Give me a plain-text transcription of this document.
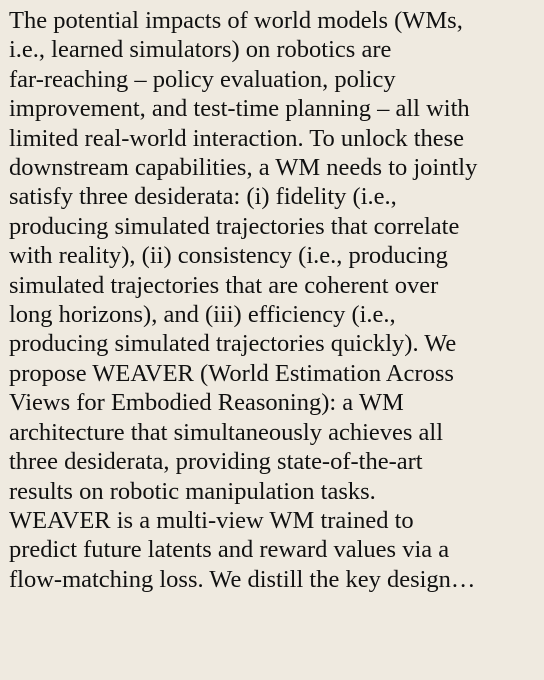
The potential impacts of world models (WMs,
i.e., learned simulators) on robotics are
far-reaching – policy evaluation, policy
improvement, and test-time planning – all with
limited real-world interaction. To unlock these
downstream capabilities, a WM needs to jointly
satisfy three desiderata: (i) fidelity (i.e.,
producing simulated trajectories that correlate
with reality), (ii) consistency (i.e., producing
simulated trajectories that are coherent over
long horizons), and (iii) efficiency (i.e.,
producing simulated trajectories quickly). We
propose WEAVER (World Estimation Across
Views for Embodied Reasoning): a WM
architecture that simultaneously achieves all
three desiderata, providing state-of-the-art
results on robotic manipulation tasks.
WEAVER is a multi-view WM trained to
predict future latents and reward values via a
flow-matching loss. We distill the key design…
